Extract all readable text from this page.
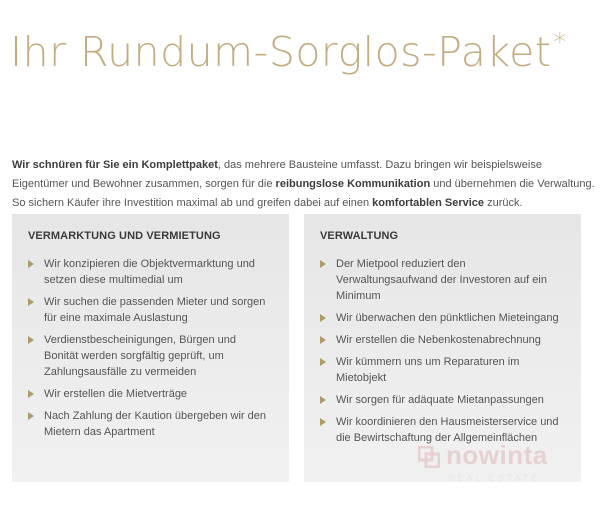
Ihr Rundum-Sorglos-Paket*

Wir schnüren für Sie ein Komplettpaket, das mehrere Bausteine umfasst. Dazu bringen wir beispielsweise Eigentümer und Bewohner zusammen, sorgen für die reibungslose Kommunikation und übernehmen die Verwaltung. So sichern Käufer ihre Investition maximal ab und greifen dabei auf einen komfortablen Service zurück.

VERMARKTUNG UND VERMIETUNG
Wir konzipieren die Objektvermarktung und setzen diese multimedial um
Wir suchen die passenden Mieter und sorgen für eine maximale Auslastung
Verdienstbescheinigungen, Bürgen und Bonität werden sorgfältig geprüft, um Zahlungsausfälle zu vermeiden
Wir erstellen die Mietverträge
Nach Zahlung der Kaution übergeben wir den Mietern das Apartment
VERWALTUNG
Der Mietpool reduziert den Verwaltungsaufwand der Investoren auf ein Minimum
Wir überwachen den pünktlichen Mieteingang
Wir erstellen die Nebenkostenabrechnung
Wir kümmern uns um Reparaturen im Mietobjekt
Wir sorgen für adäquate Mietanpassungen
Wir koordinieren den Hausmeisterservice und die Bewirtschaftung der Allgemeinflächen
nowinta
REAL ESTATE
